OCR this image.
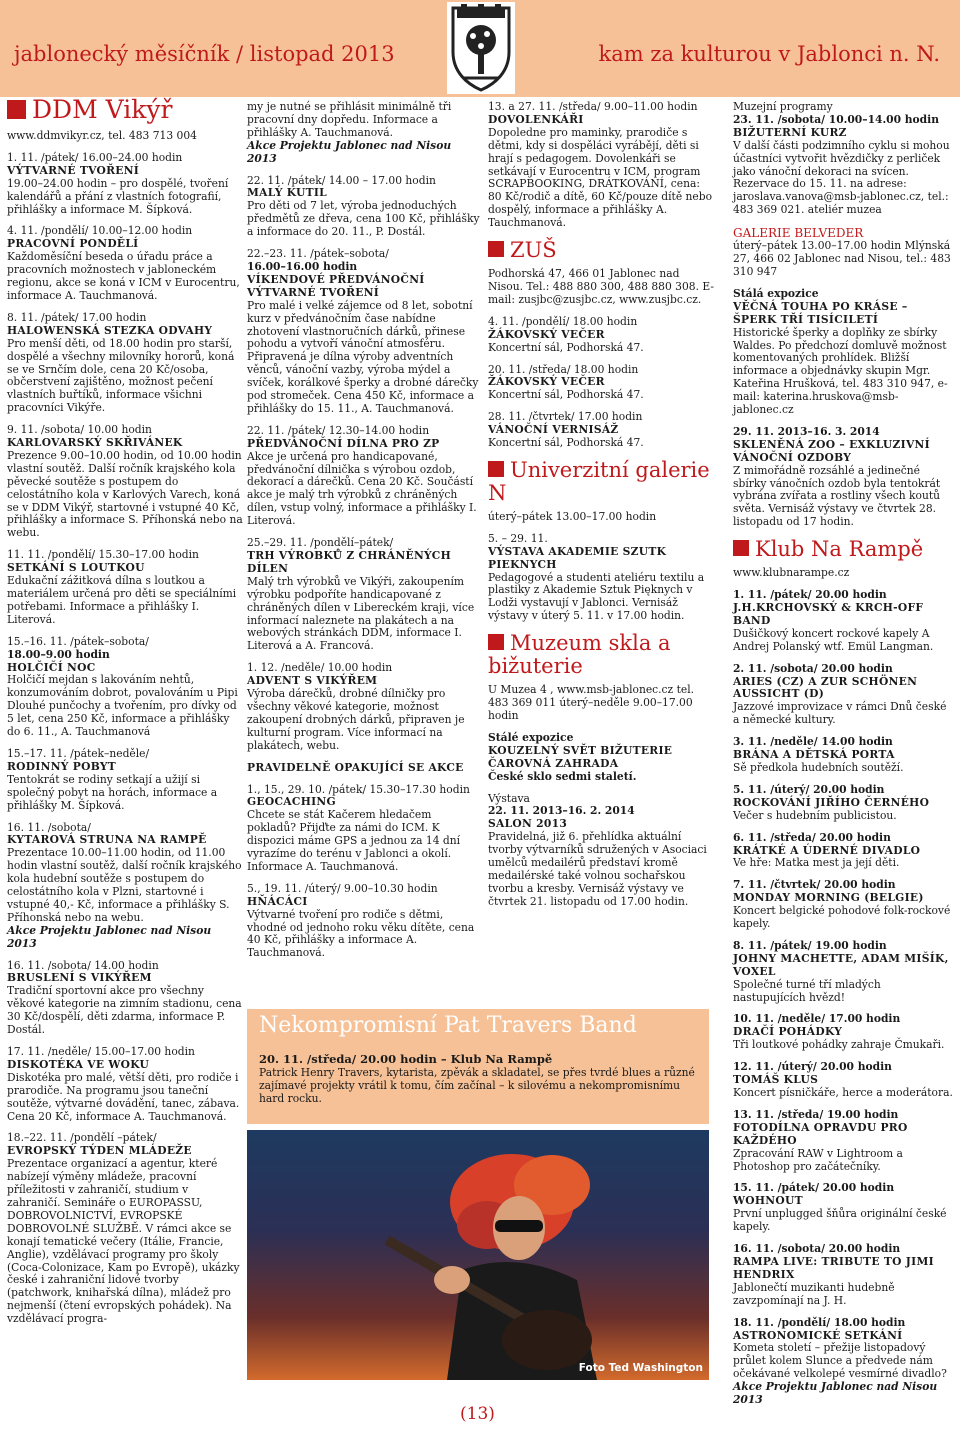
jablonecký měsíčník / listopad 2013	kam za kulturou v Jablonci n. N.
DDM Vikýř

www.ddmvikyr.cz, tel. 483 713 004

1. 11. /pátek/ 16.00–24.00 hodin
VÝTVARNÉ TVOŘENÍ
19.00–24.00 hodin – pro dospělé, tvoření kalendářů a přání z vlastních fotografií, přihlášky a informace M. Šípková.

4. 11. /pondělí/ 10.00–12.00 hodin
PRACOVNÍ PONDĚLÍ
Každoměsíční beseda o úřadu práce a pracovních možnostech v jabloneckém regionu, akce se koná v ICM v Eurocentru, informace A. Tauchmanová.

8. 11. /pátek/ 17.00 hodin
HALOWENSKÁ STEZKA ODVAHY
Pro menší děti, od 18.00 hodin pro starší, dospělé a všechny milovníky hororů, koná se ve Srnčím dole, cena 20 Kč/osoba, občerstvení zajištěno, možnost pečení vlastních buřtíků, informace všichni pracovníci Vikýře.

9. 11. /sobota/ 10.00 hodin
KARLOVARSKÝ SKŘIVÁNEK
Prezence 9.00–10.00 hodin, od 10.00 hodin vlastní soutěž. Další ročník krajského kola pěvecké soutěže s postupem do celostátního kola v Karlových Varech, koná se v DDM Vikýř, startovné i vstupné 40 Kč, přihlášky a informace S. Příhonská nebo na webu.

11. 11. /pondělí/ 15.30–17.00 hodin
SETKÁNÍ S LOUTKOU
Edukační zážitková dílna s loutkou a materiálem určená pro děti se speciálními potřebami. Informace a přihlášky I. Literová.

15.–16. 11. /pátek–sobota/
18.00–9.00 hodin
HOLČIČÍ NOC
Holčičí mejdan s lakováním nehtů, konzumováním dobrot, povalováním u Pipi Dlouhé punčochy a tvořením, pro dívky od 5 let, cena 250 Kč, informace a přihlášky do 6. 11., A. Tauchmanová

15.–17. 11. /pátek–neděle/
RODINNÝ POBYT
Tentokrát se rodiny setkají a užijí si společný pobyt na horách, informace a přihlášky M. Šípková.

16. 11. /sobota/
KYTAROVÁ STRUNA NA RAMPĚ
Prezentace 10.00–11.00 hodin, od 11.00 hodin vlastní soutěž, další ročník krajského kola hudební soutěže s postupem do celostátního kola v Plzni, startovné i vstupné 40,- Kč, informace a přihlášky S. Příhonská nebo na webu.
Akce Projektu Jablonec nad Nisou 2013

16. 11. /sobota/ 14.00 hodin
BRUSLENÍ S VIKÝŘEM
Tradiční sportovní akce pro všechny věkové kategorie na zimním stadionu, cena 30 Kč/dospělí, děti zdarma, informace P. Dostál.

17. 11. /neděle/ 15.00–17.00 hodin
DISKOTÉKA VE WOKU
Diskotéka pro malé, větší děti, pro rodiče i prarodiče. Na programu jsou taneční soutěže, výtvarné dovádění, tanec, zábava. Cena 20 Kč, informace A. Tauchmanová.

18.–22. 11. /pondělí –pátek/
EVROPSKÝ TÝDEN MLÁDEŽE
Prezentace organizací a agentur, které nabízejí výměny mládeže, pracovní příležitosti v zahraničí, studium v zahraničí. Semináře o EUROPASSU, DOBROVOLNICTVÍ, EVROPSKÉ DOBROVOLNÉ SLUŽBĚ. V rámci akce se konají tematické večery (Itálie, Francie, Anglie), vzdělávací programy pro školy (Coca-Colonizace, Kam po Evropě), ukázky české i zahraniční lidové tvorby (patchwork, knihařská dílna), mládež pro nejmenší (čtení evropských pohádek). Na vzdělávací progra-

my je nutné se přihlásit minimálně tři pracovní dny dopředu. Informace a přihlášky A. Tauchmanová.
Akce Projektu Jablonec nad Nisou 2013

22. 11. /pátek/ 14.00 – 17.00 hodin
MALÝ KUTIL
Pro děti od 7 let, výroba jednoduchých předmětů ze dřeva, cena 100 Kč, přihlášky a informace do 20. 11., P. Dostál.

22.–23. 11. /pátek–sobota/
16.00–16.00 hodin
VÍKENDOVÉ PŘEDVÁNOČNÍ VÝTVARNÉ TVOŘENÍ
Pro malé i velké zájemce od 8 let, sobotní kurz v předvánočním čase nabídne zhotovení vlastnoručních dárků, přinese pohodu a vytvoří vánoční atmosféru. Připravená je dílna výroby adventních věnců, vánoční vazby, výroba mýdel a svíček, korálkové šperky a drobné dárečky pod stromeček. Cena 450 Kč, informace a přihlášky do 15. 11., A. Tauchmanová.

22. 11. /pátek/ 12.30–14.00 hodin
PŘEDVÁNOČNÍ DÍLNA PRO ZP
Akce je určená pro handicapované, předvánoční dílnička s výrobou ozdob, dekorací a dárečků. Cena 20 Kč. Součástí akce je malý trh výrobků z chráněných dílen, vstup volný, informace a přihlášky I. Literová.

25.–29. 11. /pondělí–pátek/
TRH VÝROBKŮ Z CHRÁNĚNÝCH DÍLEN
Malý trh výrobků ve Vikýři, zakoupením výrobku podpoříte handicapované z chráněných dílen v Libereckém kraji, více informací naleznete na plakátech a na webových stránkách DDM, informace I. Literová a A. Francová.

1. 12. /neděle/ 10.00 hodin
ADVENT S VIKÝŘEM
Výroba dárečků, drobné dílničky pro všechny věkové kategorie, možnost zakoupení drobných dárků, připraven je kulturní program. Více informací na plakátech, webu.

PRAVIDELNĚ OPAKUJÍCÍ SE AKCE

1., 15., 29. 10. /pátek/ 15.30–17.30 hodin
GEOCACHING
Chcete se stát Kačerem hledačem pokladů? Přijďte za námi do ICM. K dispozici máme GPS a jednou za 14 dní vyrazíme do terénu v Jablonci a okolí. Informace A. Tauchmanová.

5., 19. 11. /úterý/ 9.00–10.30 hodin
HŇÁCÁCI
Výtvarné tvoření pro rodiče s dětmi, vhodné od jednoho roku věku dítěte, cena 40 Kč, přihlášky a informace A. Tauchmanová.

13. a 27. 11. /středa/ 9.00–11.00 hodin
DOVOLENKÁŘI
Dopoledne pro maminky, prarodiče s dětmi, kdy si dospěláci vyrábějí, děti si hrají s pedagogem. Dovolenkáři se setkávají v Eurocentru v ICM, program SCRAPBOOKING, DRÁTKOVÁNÍ, cena: 80 Kč/rodič a dítě, 60 Kč/pouze dítě nebo dospělý, informace a přihlášky A. Tauchmanová.

ZUŠ

Podhorská 47, 466 01 Jablonec nad Nisou. Tel.: 488 880 300, 488 880 308. E-mail: zusjbc@zusjbc.cz, www.zusjbc.cz.

4. 11. /pondělí/ 18.00 hodin
ŽÁKOVSKÝ VEČER
Koncertní sál, Podhorská 47.

20. 11. /středa/ 18.00 hodin
ŽÁKOVSKÝ VEČER
Koncertní sál, Podhorská 47.

28. 11. /čtvrtek/ 17.00 hodin
VÁNOČNÍ VERNISÁŽ
Koncertní sál, Podhorská 47.

Univerzitní galerie N

úterý–pátek 13.00–17.00 hodin

5. – 29. 11.
VÝSTAVA AKADEMIE SZUTK PIEKNYCH
Pedagogové a studenti ateliéru textilu a plastiky z Akademie Sztuk Pięknych v Lodži vystavují v Jablonci. Vernisáž výstavy v úterý 5. 11. v 17.00 hodin.

Muzeum skla a bižuterie

U Muzea 4 , www.msb-jablonec.cz tel. 483 369 011 úterý–neděle 9.00–17.00 hodin

Stálé expozice
KOUZELNÝ SVĚT BIŽUTERIE
ČAROVNÁ ZAHRADA
České sklo sedmi staletí.

Výstava
22. 11. 2013–16. 2. 2014
SALON 2013
Pravidelná, již 6. přehlídka aktuální tvorby výtvarníků sdružených v Asociaci umělců medailérů představí kromě medailérské také volnou sochařskou tvorbu a kresby. Vernisáž výstavy ve čtvrtek 21. listopadu od 17.00 hodin.

Muzejní programy
23. 11. /sobota/ 10.00–14.00 hodin
BIŽUTERNÍ KURZ
V další části podzimního cyklu si mohou účastníci vytvořit hvězdičky z perliček jako vánoční dekoraci na svícen. Rezervace do 15. 11. na adrese: jaroslava.vanova@msb-jablonec.cz, tel.: 483 369 021. ateliér muzea

GALERIE BELVEDER

úterý–pátek 13.00–17.00 hodin Mlýnská 27, 466 02 Jablonec nad Nisou, tel.: 483 310 947

Stálá expozice
VĚČNÁ TOUHA PO KRÁSE – ŠPERK TŘÍ TISÍCILETÍ
Historické šperky a doplňky ze sbírky Waldes. Po předchozí domluvě možnost komentovaných prohlídek. Bližší informace a objednávky skupin Mgr. Kateřina Hrušková, tel. 483 310 947, e-mail: katerina.hruskova@msb-jablonec.cz

29. 11. 2013–16. 3. 2014
SKLENĚNÁ ZOO – EXKLUZIVNÍ VÁNOČNÍ OZDOBY
Z mimořádně rozsáhlé a jedinečné sbírky vánočních ozdob byla tentokrát vybrána zvířata a rostliny všech koutů světa. Vernisáž výstavy ve čtvrtek 28. listopadu od 17 hodin.

Klub Na Rampě

www.klubnarampe.cz

1. 11. /pátek/ 20.00 hodin
J.H.KRCHOVSKÝ & KRCH-OFF BAND
Dušičkový koncert rockové kapely A Andrej Polanský wtf. Emül Langman.

2. 11. /sobota/ 20.00 hodin
ARIES (CZ) A ZUR SCHÖNEN AUSSICHT (D)
Jazzové improvizace v rámci Dnů české a německé kultury.

3. 11. /neděle/ 14.00 hodin
BRÁNA A DĚTSKÁ PORTA
Sě předkola hudebních soutěží.

5. 11. /úterý/ 20.00 hodin
ROCKOVÁNÍ JIŘÍHO ČERNÉHO
Večer s hudebním publicistou.

6. 11. /středa/ 20.00 hodin
KRÁTKÉ A ÚDERNÉ DIVADLO
Ve hře: Matka mest ja její děti.

7. 11. /čtvrtek/ 20.00 hodin
MONDAY MORNING (BELGIE)
Koncert belgické pohodové folk-rockové kapely.

8. 11. /pátek/ 19.00 hodin
JOHNY MACHETTE, ADAM MIŠÍK, VOXEL
Společné turné tří mladých nastupujících hvězd!

10. 11. /neděle/ 17.00 hodin
DRAČÍ POHÁDKY
Tři loutkové pohádky zahraje Čmukaři.

12. 11. /úterý/ 20.00 hodin
TOMÁŠ KLUS
Koncert písničkáře, herce a moderátora.

13. 11. /středa/ 19.00 hodin
FOTODÍLNA OPRAVDU PRO KAŽDÉHO
Zpracování RAW v Lightroom a Photoshop pro začátečníky.

15. 11. /pátek/ 20.00 hodin
WOHNOUT
První unplugged šňůra originální české kapely.

16. 11. /sobota/ 20.00 hodin
RAMPA LIVE: TRIBUTE TO JIMI HENDRIX
Jablonečtí muzikanti hudebně zavzpomínají na J. H.

18. 11. /pondělí/ 18.00 hodin
ASTRONOMICKÉ SETKÁNÍ
Kometa století – přežije listopadový průlet kolem Slunce a předvede nám očekávané velkolepé vesmírné divadlo?
Akce Projektu Jablonec nad Nisou 2013

Nekompromisní Pat Travers Band
20. 11. /středa/ 20.00 hodin – Klub Na Rampě
Patrick Henry Travers, kytarista, zpěvák a skladatel, se přes tvrdé blues a různé zajímavé projekty vrátil k tomu, čím začínal – k silovému a nekompromisnímu hard rocku.
Foto Ted Washington
(13)
